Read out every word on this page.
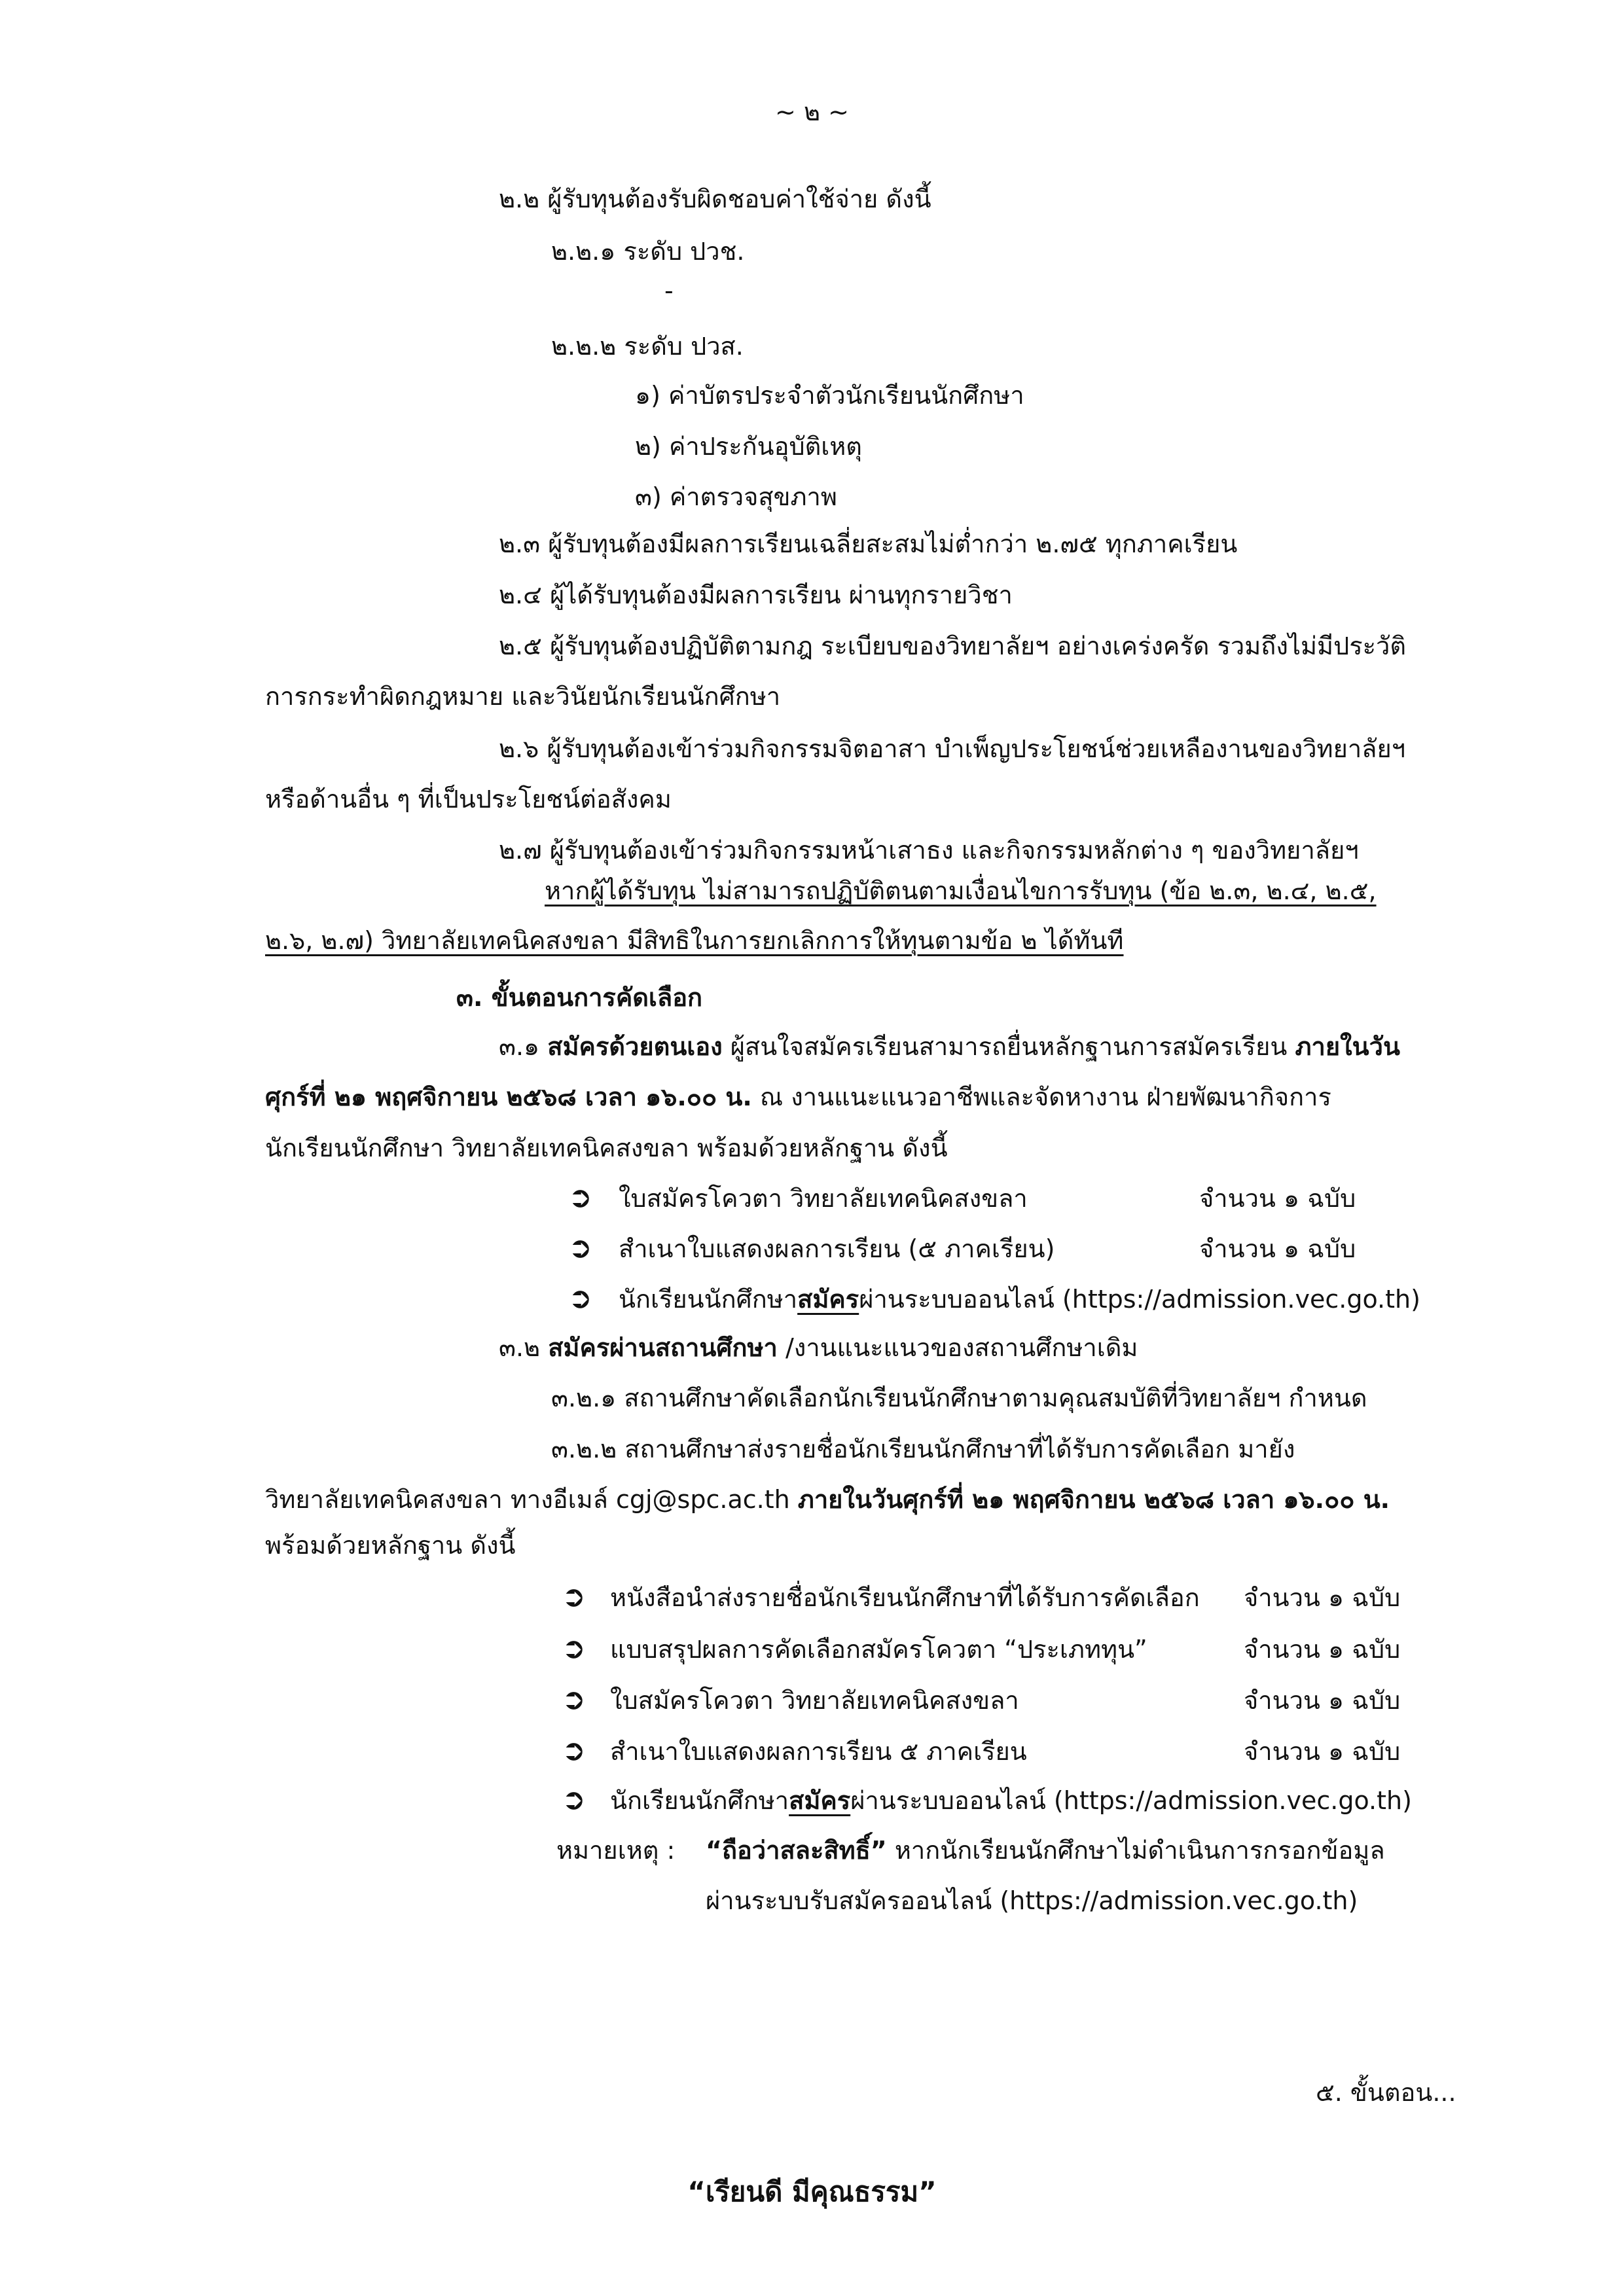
~ ๒ ~
๒.๒ ผู้รับทุนต้องรับผิดชอบค่าใช้จ่าย ดังนี้
๒.๒.๑ ระดับ ปวช.
-
๒.๒.๒ ระดับ ปวส.
๑) ค่าบัตรประจำตัวนักเรียนนักศึกษา
๒) ค่าประกันอุบัติเหตุ
๓) ค่าตรวจสุขภาพ
๒.๓ ผู้รับทุนต้องมีผลการเรียนเฉลี่ยสะสมไม่ต่ำกว่า ๒.๗๕ ทุกภาคเรียน
๒.๔ ผู้ได้รับทุนต้องมีผลการเรียน ผ่านทุกรายวิชา
๒.๕ ผู้รับทุนต้องปฏิบัติตามกฎ ระเบียบของวิทยาลัยฯ อย่างเคร่งครัด รวมถึงไม่มีประวัติ
การกระทำผิดกฎหมาย และวินัยนักเรียนนักศึกษา
๒.๖ ผู้รับทุนต้องเข้าร่วมกิจกรรมจิตอาสา บำเพ็ญประโยชน์ช่วยเหลืองานของวิทยาลัยฯ
หรือด้านอื่น ๆ ที่เป็นประโยชน์ต่อสังคม
๒.๗ ผู้รับทุนต้องเข้าร่วมกิจกรรมหน้าเสาธง และกิจกรรมหลักต่าง ๆ ของวิทยาลัยฯ
หากผู้ได้รับทุน ไม่สามารถปฏิบัติตนตามเงื่อนไขการรับทุน (ข้อ ๒.๓, ๒.๔, ๒.๕,
๒.๖, ๒.๗) วิทยาลัยเทคนิคสงขลา มีสิทธิในการยกเลิกการให้ทุนตามข้อ ๒ ได้ทันที
๓. ขั้นตอนการคัดเลือก
๓.๑ สมัครด้วยตนเอง ผู้สนใจสมัครเรียนสามารถยื่นหลักฐานการสมัครเรียน ภายในวัน
ศุกร์ที่ ๒๑ พฤศจิกายน ๒๕๖๘ เวลา ๑๖.๐๐ น. ณ งานแนะแนวอาชีพและจัดหางาน ฝ่ายพัฒนากิจการ
นักเรียนนักศึกษา วิทยาลัยเทคนิคสงขลา พร้อมด้วยหลักฐาน ดังนี้
➲ ใบสมัครโควตา วิทยาลัยเทคนิคสงขลา	จำนวน ๑ ฉบับ
➲ สำเนาใบแสดงผลการเรียน (๕ ภาคเรียน)	จำนวน ๑ ฉบับ
➲ นักเรียนนักศึกษาสมัครผ่านระบบออนไลน์ (https://admission.vec.go.th)
๓.๒ สมัครผ่านสถานศึกษา /งานแนะแนวของสถานศึกษาเดิม
๓.๒.๑ สถานศึกษาคัดเลือกนักเรียนนักศึกษาตามคุณสมบัติที่วิทยาลัยฯ กำหนด
๓.๒.๒ สถานศึกษาส่งรายชื่อนักเรียนนักศึกษาที่ได้รับการคัดเลือก มายัง
วิทยาลัยเทคนิคสงขลา ทางอีเมล์ cgj@spc.ac.th ภายในวันศุกร์ที่ ๒๑ พฤศจิกายน ๒๕๖๘ เวลา ๑๖.๐๐ น.
พร้อมด้วยหลักฐาน ดังนี้
➲ หนังสือนำส่งรายชื่อนักเรียนนักศึกษาที่ได้รับการคัดเลือก จำนวน ๑ ฉบับ
➲ แบบสรุปผลการคัดเลือกสมัครโควตา “ประเภททุน”	จำนวน ๑ ฉบับ
➲ ใบสมัครโควตา วิทยาลัยเทคนิคสงขลา	จำนวน ๑ ฉบับ
➲ สำเนาใบแสดงผลการเรียน ๕ ภาคเรียน	จำนวน ๑ ฉบับ
➲ นักเรียนนักศึกษาสมัครผ่านระบบออนไลน์ (https://admission.vec.go.th)
หมายเหตุ : “ถือว่าสละสิทธิ์” หากนักเรียนนักศึกษาไม่ดำเนินการกรอกข้อมูล
ผ่านระบบรับสมัครออนไลน์ (https://admission.vec.go.th)
๕. ขั้นตอน...
“เรียนดี มีคุณธรรม”
